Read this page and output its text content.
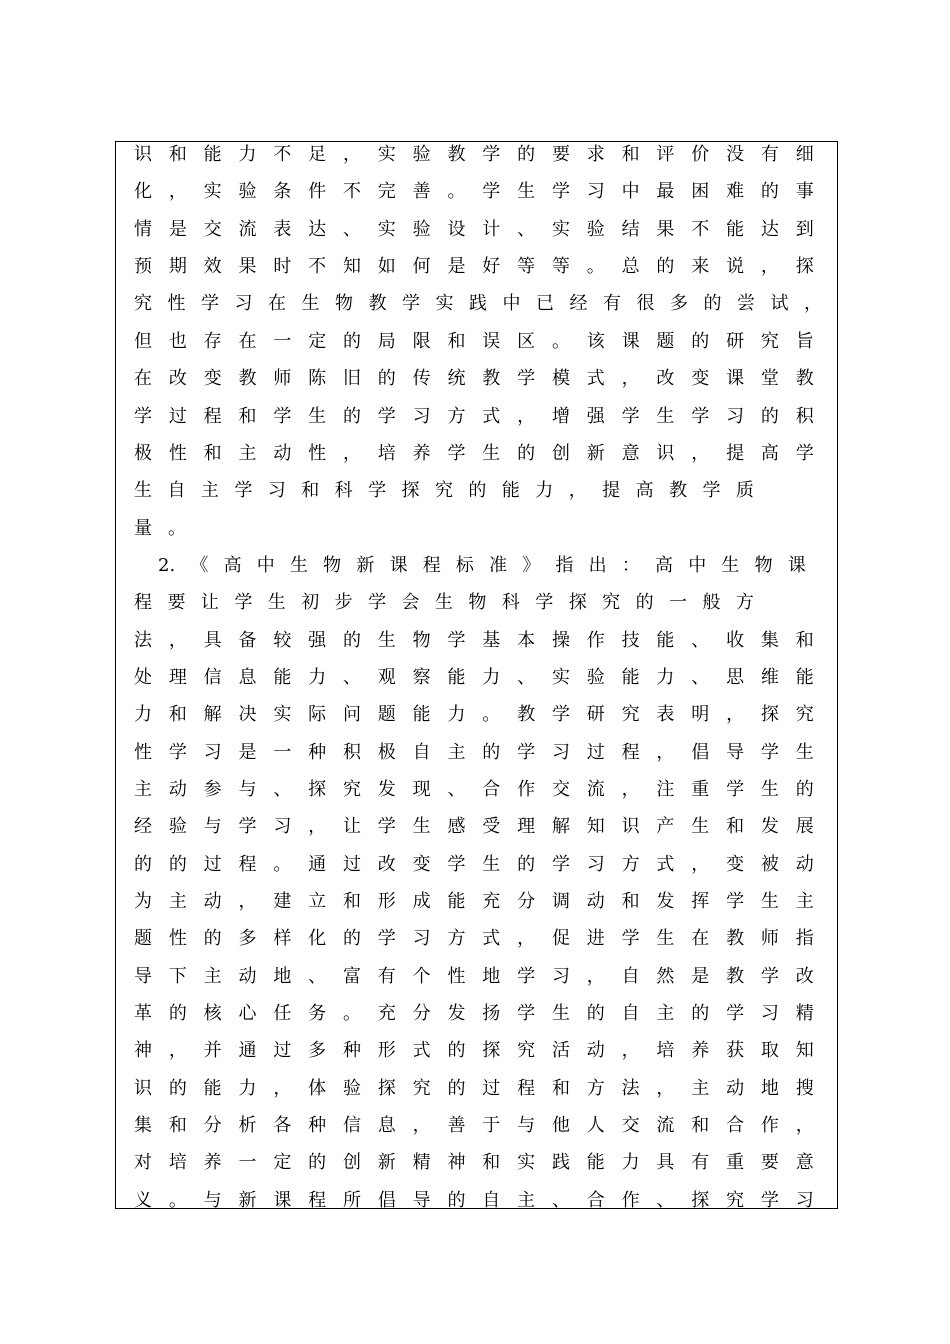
识 和 能 力 不 足 ， 实 验 教 学 的 要 求 和 评 价 没 有 细
化 ， 实 验 条 件 不 完 善 。 学 生 学 习 中 最 困 难 的 事
情 是 交 流 表 达 、 实 验 设 计 、 实 验 结 果 不 能 达 到
预 期 效 果 时 不 知 如 何 是 好 等 等 。 总 的 来 说 ， 探
究 性 学 习 在 生 物 教 学 实 践 中 已 经 有 很 多 的 尝 试 ，
但 也 存 在 一 定 的 局 限 和 误 区 。 该 课 题 的 研 究 旨
在 改 变 教 师 陈 旧 的 传 统 教 学 模 式 ， 改 变 课 堂 教
学 过 程 和 学 生 的 学 习 方 式 ， 增 强 学 生 学 习 的 积
极 性 和 主 动 性 ， 培 养 学 生 的 创 新 意 识 ， 提 高 学
生 自 主 学 习 和 科 学 探 究 的 能 力 ， 提 高 教 学 质
量 。
2. 《 高 中 生 物 新 课 程 标 准 》 指 出 ： 高 中 生 物 课
程 要 让 学 生 初 步 学 会 生 物 科 学 探 究 的 一 般 方
法 ， 具 备 较 强 的 生 物 学 基 本 操 作 技 能 、 收 集 和
处 理 信 息 能 力 、 观 察 能 力 、 实 验 能 力 、 思 维 能
力 和 解 决 实 际 问 题 能 力 。 教 学 研 究 表 明 ， 探 究
性 学 习 是 一 种 积 极 自 主 的 学 习 过 程 ， 倡 导 学 生
主 动 参 与 、 探 究 发 现 、 合 作 交 流 ， 注 重 学 生 的
经 验 与 学 习 ， 让 学 生 感 受 理 解 知 识 产 生 和 发 展
的 的 过 程 。 通 过 改 变 学 生 的 学 习 方 式 ， 变 被 动
为 主 动 ， 建 立 和 形 成 能 充 分 调 动 和 发 挥 学 生 主
题 性 的 多 样 化 的 学 习 方 式 ， 促 进 学 生 在 教 师 指
导 下 主 动 地 、 富 有 个 性 地 学 习 ， 自 然 是 教 学 改
革 的 核 心 任 务 。 充 分 发 扬 学 生 的 自 主 的 学 习 精
神 ， 并 通 过 多 种 形 式 的 探 究 活 动 ， 培 养 获 取 知
识 的 能 力 ， 体 验 探 究 的 过 程 和 方 法 ， 主 动 地 搜
集 和 分 析 各 种 信 息 ， 善 于 与 他 人 交 流 和 合 作 ，
对 培 养 一 定 的 创 新 精 神 和 实 践 能 力 具 有 重 要 意
义 。 与 新 课 程 所 倡 导 的 自 主 、 合 作 、 探 究 学 习
